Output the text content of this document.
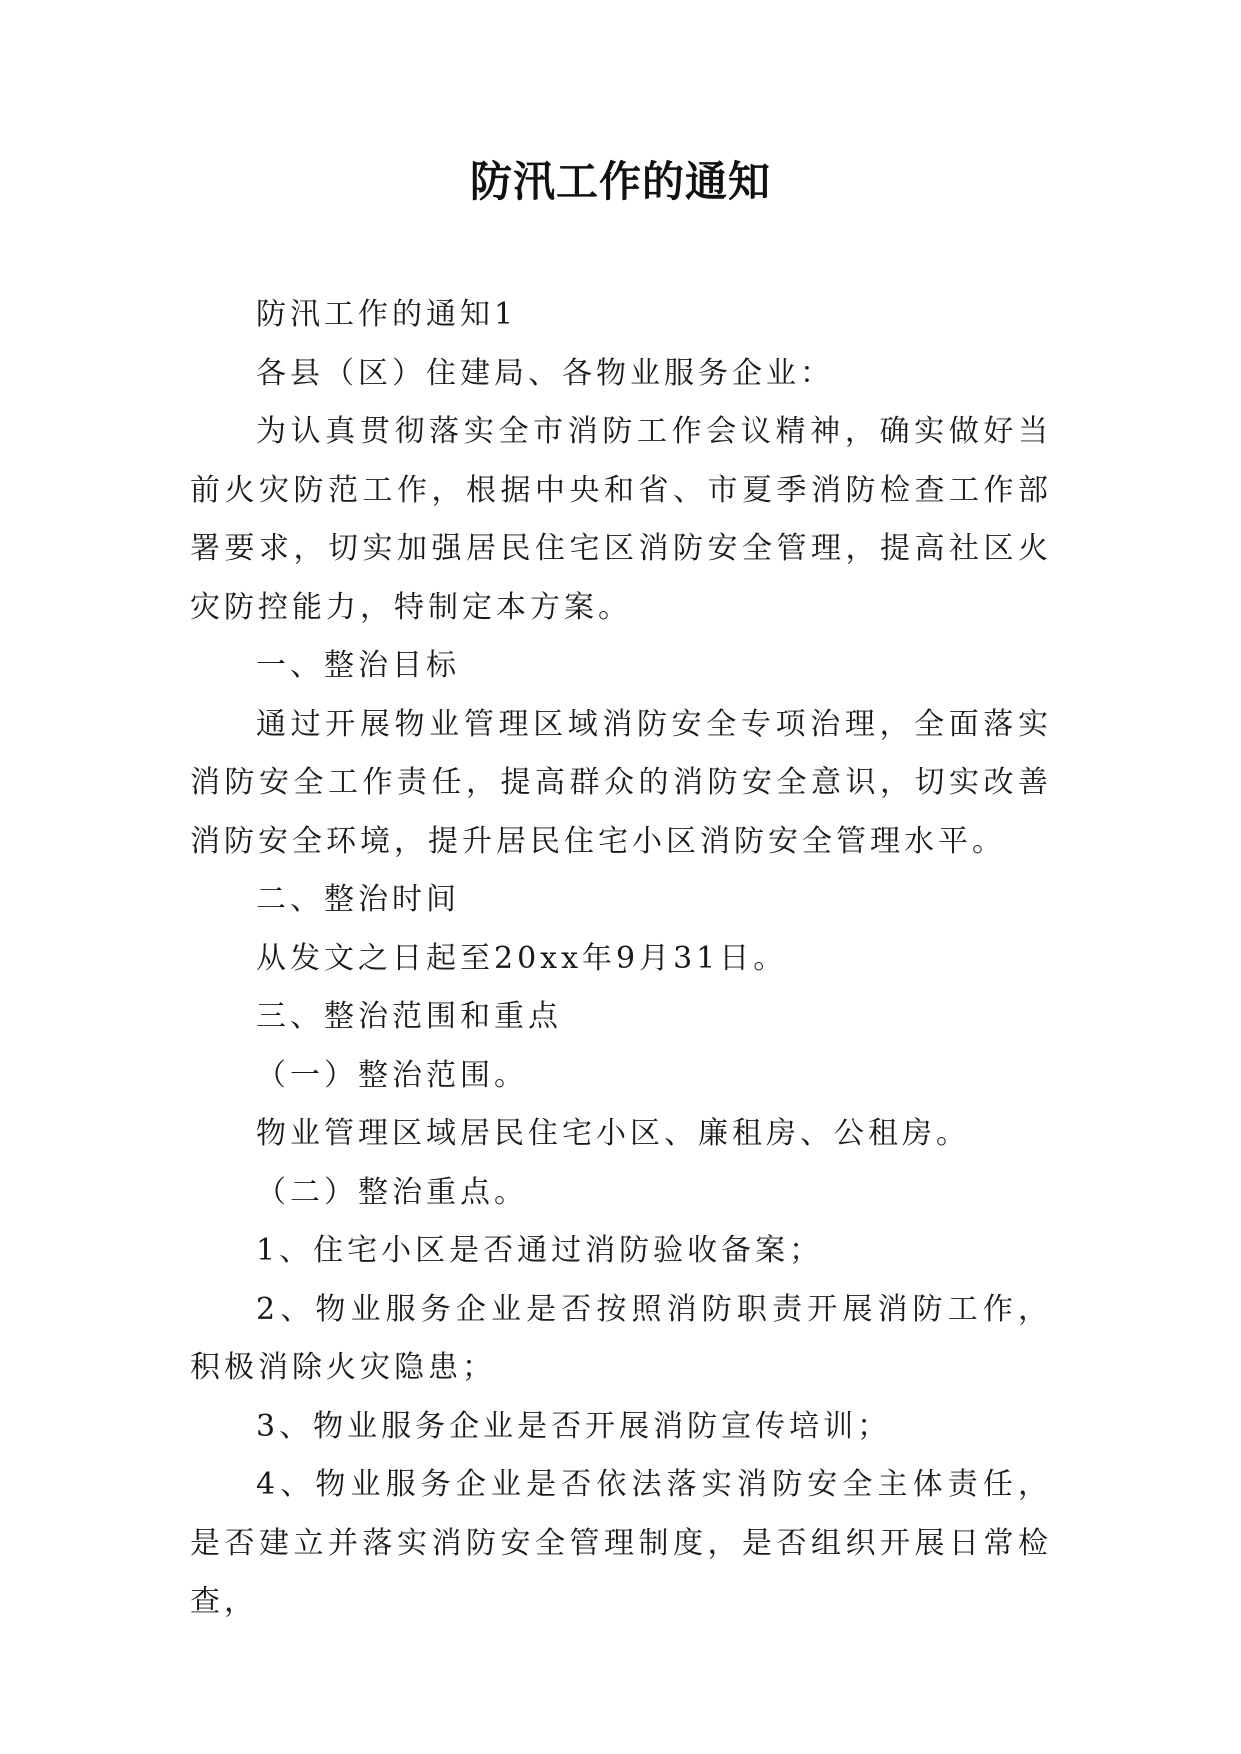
防汛工作的通知

防汛工作的通知1

各县（区）住建局、各物业服务企业：

为认真贯彻落实全市消防工作会议精神，确实做好当前火灾防范工作，根据中央和省、市夏季消防检查工作部署要求，切实加强居民住宅区消防安全管理，提高社区火灾防控能力，特制定本方案。

一、整治目标

通过开展物业管理区域消防安全专项治理，全面落实消防安全工作责任，提高群众的消防安全意识，切实改善消防安全环境，提升居民住宅小区消防安全管理水平。

二、整治时间

从发文之日起至20xx年9月31日。

三、整治范围和重点

（一）整治范围。

物业管理区域居民住宅小区、廉租房、公租房。

（二）整治重点。

1、住宅小区是否通过消防验收备案；

2、物业服务企业是否按照消防职责开展消防工作，积极消除火灾隐患；

3、物业服务企业是否开展消防宣传培训；

4、物业服务企业是否依法落实消防安全主体责任，是否建立并落实消防安全管理制度，是否组织开展日常检查，
